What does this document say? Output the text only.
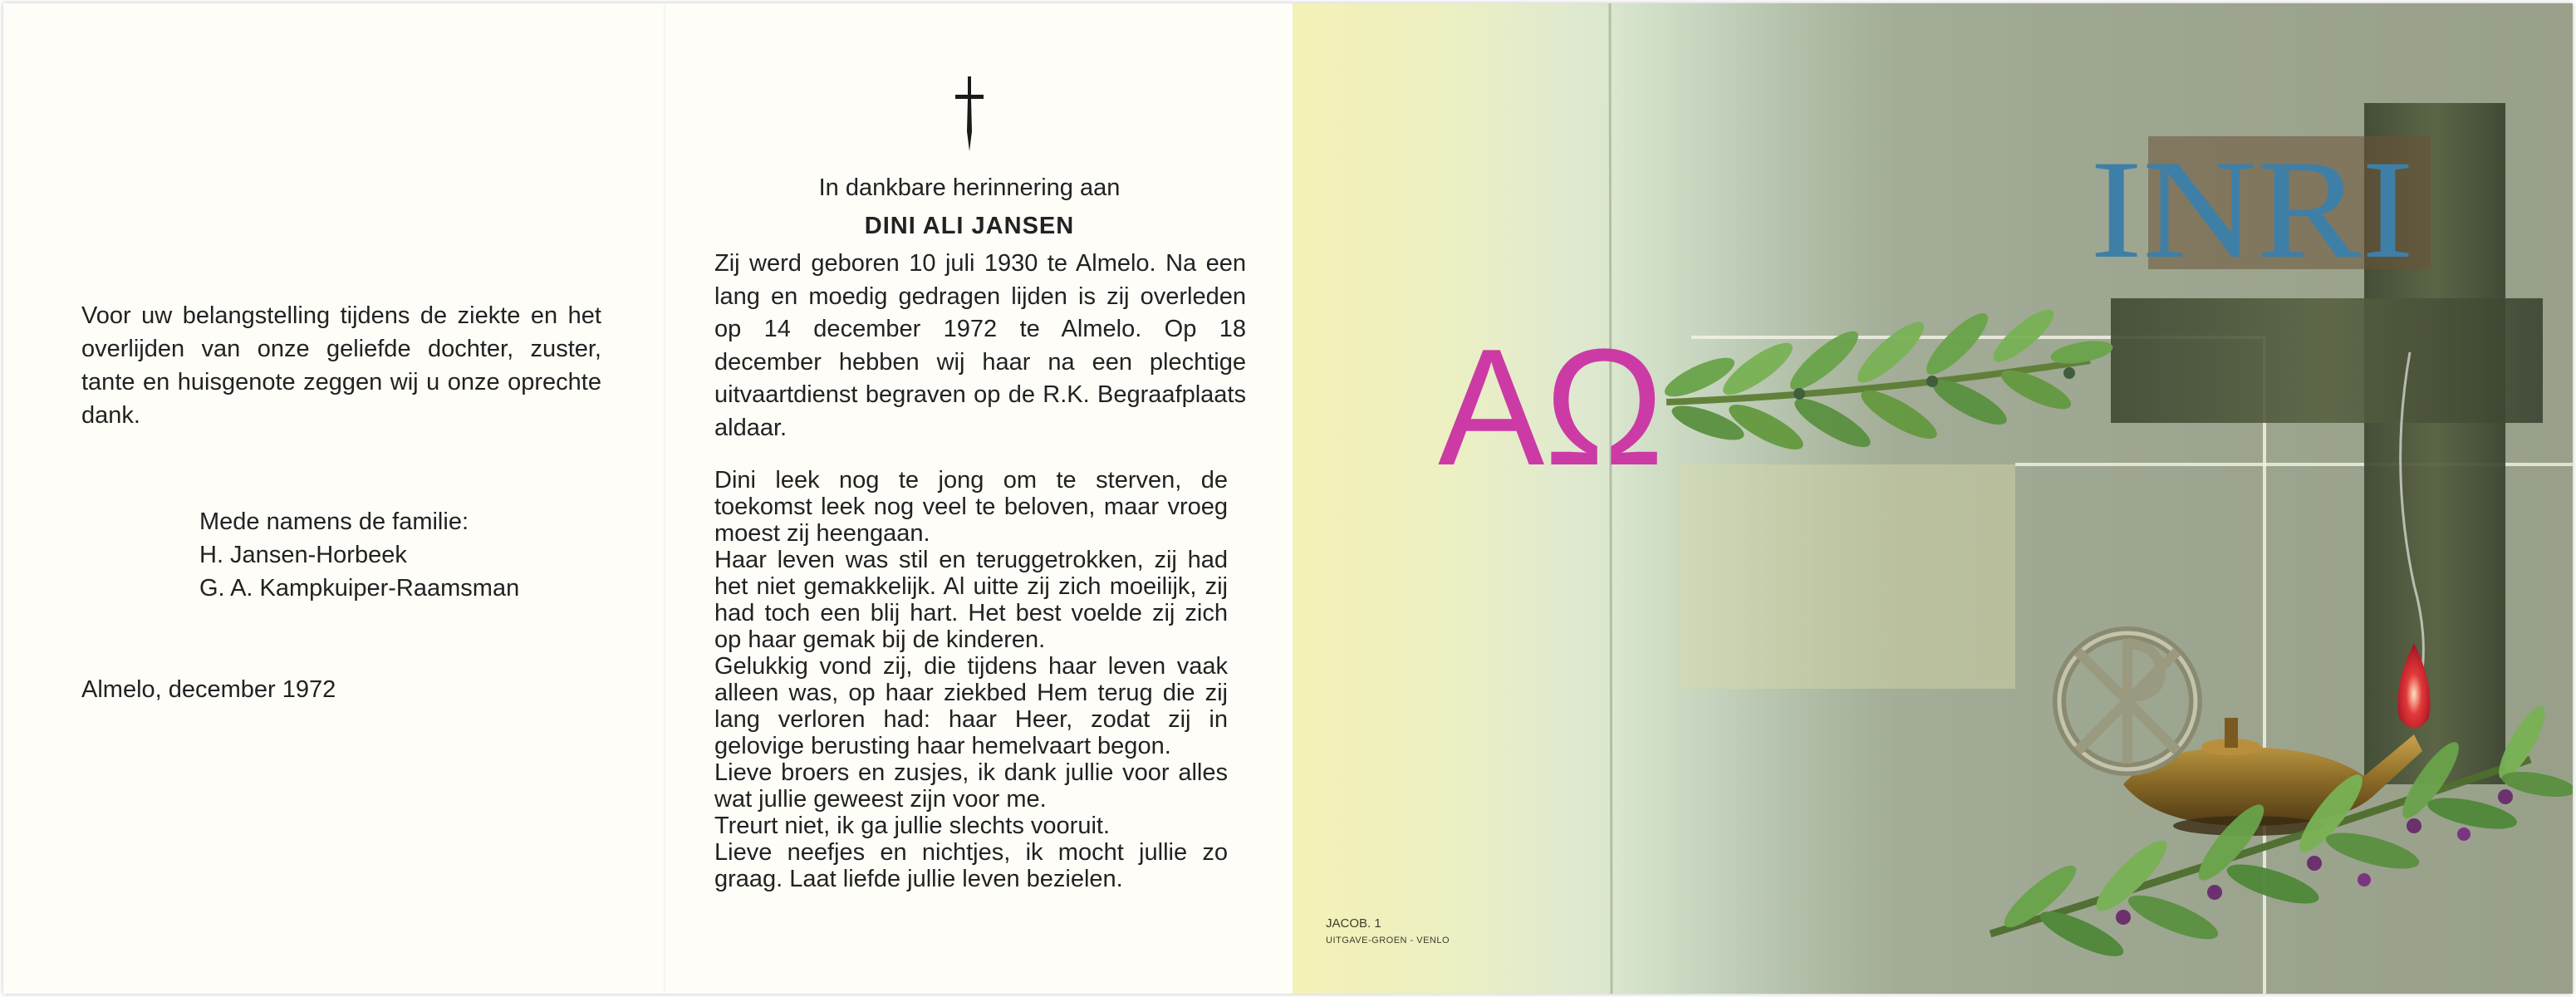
Voor uw belangstelling tijdens de ziekte en het overlijden van onze geliefde dochter, zuster, tante en huisgenote zeggen wij u onze oprechte dank.
Mede namens de familie:
H. Jansen-Horbeek
G. A. Kampkuiper-Raamsman
Almelo, december 1972
In dankbare herinnering aan
DINI ALI JANSEN

Zij werd geboren 10 juli 1930 te Almelo. Na een lang en moedig gedragen lijden is zij overleden op 14 december 1972 te Almelo. Op 18 december hebben wij haar na een plechtige uitvaartdienst begraven op de R.K. Begraafplaats aldaar.

Dini leek nog te jong om te sterven, de toekomst leek nog veel te beloven, maar vroeg moest zij heengaan.

Haar leven was stil en teruggetrokken, zij had het niet gemakkelijk. Al uitte zij zich moeilijk, zij had toch een blij hart. Het best voelde zij zich op haar gemak bij de kinderen.

Gelukkig vond zij, die tijdens haar leven vaak alleen was, op haar ziekbed Hem terug die zij lang verloren had: haar Heer, zodat zij in gelovige berusting haar hemelvaart begon.

Lieve broers en zusjes, ik dank jullie voor alles wat jullie geweest zijn voor me.

Treurt niet, ik ga jullie slechts vooruit.

Lieve neefjes en nichtjes, ik mocht jullie zo graag. Laat liefde jullie leven bezielen.

INRI
AΩ
JACOB. 1
UITGAVE-GROEN - VENLO
